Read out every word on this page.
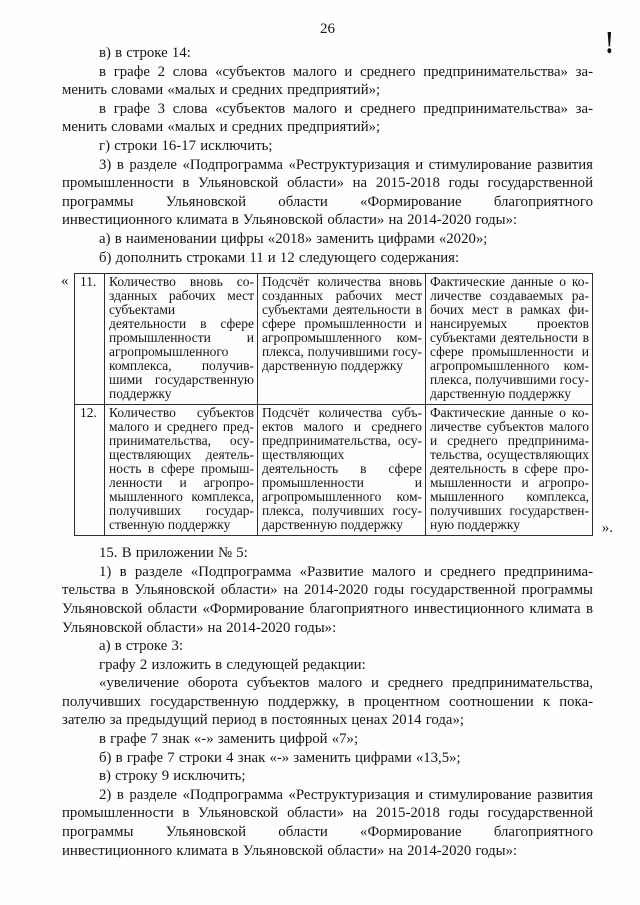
!
26

в) в строке 14:

в графе 2 слова «субъектов малого и среднего предпринимательства» заменить словами «малых и средних предприятий»;

в графе 3 слова «субъектов малого и среднего предпринимательства» заменить словами «малых и средних предприятий»;

г) строки 16-17 исключить;

3) в разделе «Подпрограмма «Реструктуризация и стимулирование развития промышленности в Ульяновской области» на 2015-2018 годы государственной программы Ульяновской области «Формирование благоприятного инвестиционного климата в Ульяновской области» на 2014-2020 годы»:

а) в наименовании цифры «2018» заменить цифрами «2020»;

б) дополнить строками 11 и 12 следующего содержания:

« 11.	Количество вновь созданных рабочих мест субъектами деятельности в сфере промышленности и агропромышленного комплекса, получившими государственную поддержку	Подсчёт количества вновь созданных рабочих мест субъектами деятельности в сфере промышленности и агропромышленного комплекса, получившими государственную поддержку	Фактические данные о количестве создаваемых рабочих мест в рамках финансируемых проектов субъектами деятельности в сфере промышленности и агропромышленного комплекса, получившими государственную поддержку
12.	Количество субъектов малого и среднего предпринимательства, осуществляющих деятельность в сфере промышленности и агропромышленного комплекса, получивших государственную поддержку	Подсчёт количества субъектов малого и среднего предпринимательства, осуществляющих деятельность в сфере промышленности и агропромышленного комплекса, получивших государственную поддержку	Фактические данные о количестве субъектов малого и среднего предпринимательства, осуществляющих деятельность в сфере промышленности и агропромышленного комплекса, получивших государственную поддержку	».

15. В приложении № 5:

1) в разделе «Подпрограмма «Развитие малого и среднего предпринимательства в Ульяновской области» на 2014-2020 годы государственной программы Ульяновской области «Формирование благоприятного инвестиционного климата в Ульяновской области» на 2014-2020 годы»:

а) в строке 3:

графу 2 изложить в следующей редакции:

«увеличение оборота субъектов малого и среднего предпринимательства, получивших государственную поддержку, в процентном соотношении к показателю за предыдущий период в постоянных ценах 2014 года»;

в графе 7 знак «-» заменить цифрой «7»;

б) в графе 7 строки 4 знак «-» заменить цифрами «13,5»;

в) строку 9 исключить;

2) в разделе «Подпрограмма «Реструктуризация и стимулирование развития промышленности в Ульяновской области» на 2015-2018 годы государственной программы Ульяновской области «Формирование благоприятного инвестиционного климата в Ульяновской области» на 2014-2020 годы»:
